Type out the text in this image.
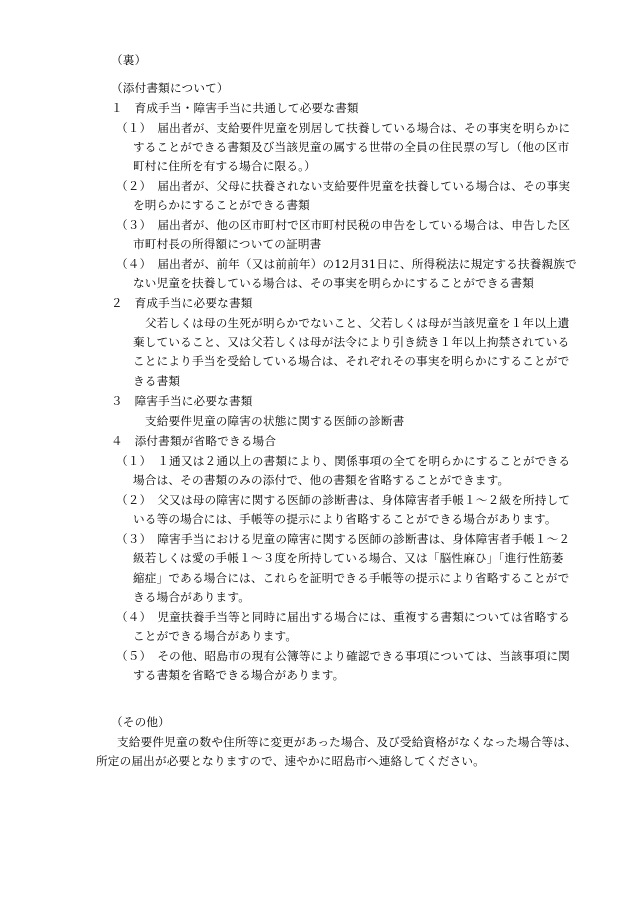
（裏）
（添付書類について）
１　育成手当・障害手当に共通して必要な書類
（１）　届出者が、支給要件児童を別居して扶養している場合は、その事実を明らかに
することができる書類及び当該児童の属する世帯の全員の住民票の写し（他の区市
町村に住所を有する場合に限る。）
（２）　届出者が、父母に扶養されない支給要件児童を扶養している場合は、その事実
を明らかにすることができる書類
（３）　届出者が、他の区市町村で区市町村民税の申告をしている場合は、申告した区
市町村長の所得額についての証明書
（４）　届出者が、前年（又は前前年）の12月31日に、所得税法に規定する扶養親族で
ない児童を扶養している場合は、その事実を明らかにすることができる書類
２　育成手当に必要な書類
父若しくは母の生死が明らかでないこと、父若しくは母が当該児童を１年以上遺
棄していること、又は父若しくは母が法令により引き続き１年以上拘禁されている
ことにより手当を受給している場合は、それぞれその事実を明らかにすることがで
きる書類
３　障害手当に必要な書類
支給要件児童の障害の状態に関する医師の診断書
４　添付書類が省略できる場合
（１）　１通又は２通以上の書類により、関係事項の全てを明らかにすることができる
場合は、その書類のみの添付で、他の書類を省略することができます。
（２）　父又は母の障害に関する医師の診断書は、身体障害者手帳１～２級を所持して
いる等の場合には、手帳等の提示により省略することができる場合があります。
（３）　障害手当における児童の障害に関する医師の診断書は、身体障害者手帳１～２
級若しくは愛の手帳１～３度を所持している場合、又は「脳性麻ひ」「進行性筋萎
縮症」である場合には、これらを証明できる手帳等の提示により省略することがで
きる場合があります。
（４）　児童扶養手当等と同時に届出する場合には、重複する書類については省略する
ことができる場合があります。
（５）　その他、昭島市の現有公簿等により確認できる事項については、当該事項に関
する書類を省略できる場合があります。
（その他）
支給要件児童の数や住所等に変更があった場合、及び受給資格がなくなった場合等は、
所定の届出が必要となりますので、速やかに昭島市へ連絡してください。
